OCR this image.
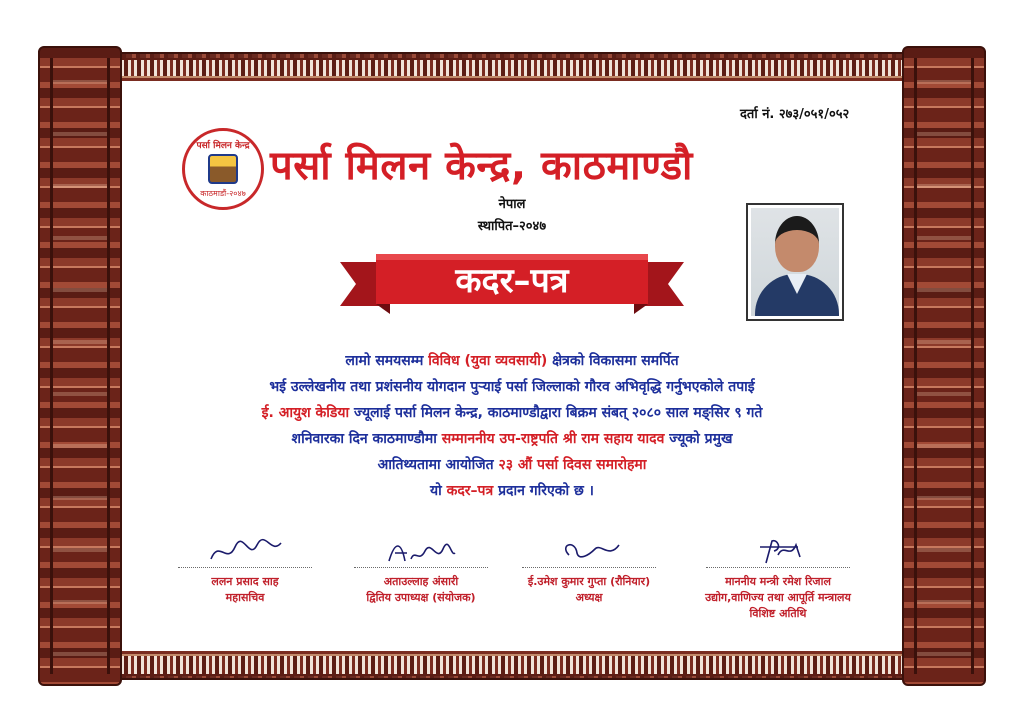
दर्ता नं. २७३/०५१/०५२
पर्सा मिलन केन्द्र
काठमाडौं-२०४७
पर्सा मिलन केन्द्र, काठमाण्डौ
नेपाल
स्थापित–२०४७
कदर–पत्र
लामो समयसम्म विविध (युवा व्यवसायी) क्षेत्रको विकासमा समर्पित
भई उल्लेखनीय तथा प्रशंसनीय योगदान पुऱ्याई पर्सा जिल्लाको गौरव अभिवृद्धि गर्नुभएकोले तपाई
ई. आयुश केडिया ज्यूलाई पर्सा मिलन केन्द्र, काठमाण्डौद्वारा बिक्रम संबत् २०८० साल मङ्सिर ९ गते
शनिवारका दिन काठमाण्डौमा सम्माननीय उप-राष्ट्रपति श्री राम सहाय यादव ज्यूको प्रमुख
आतिथ्यतामा आयोजित २३ औं पर्सा दिवस समारोहमा
यो कदर–पत्र प्रदान गरिएको छ ।
ललन प्रसाद साह
महासचिव
अताउल्लाह अंसारी
द्वितिय उपाध्यक्ष (संयोजक)
ई.उमेश कुमार गुप्ता (रौनियार)
अध्यक्ष
माननीय मन्त्री रमेश रिजाल
उद्योग,वाणिज्य तथा आपूर्ति मन्त्रालय
विशिष्ट अतिथि
